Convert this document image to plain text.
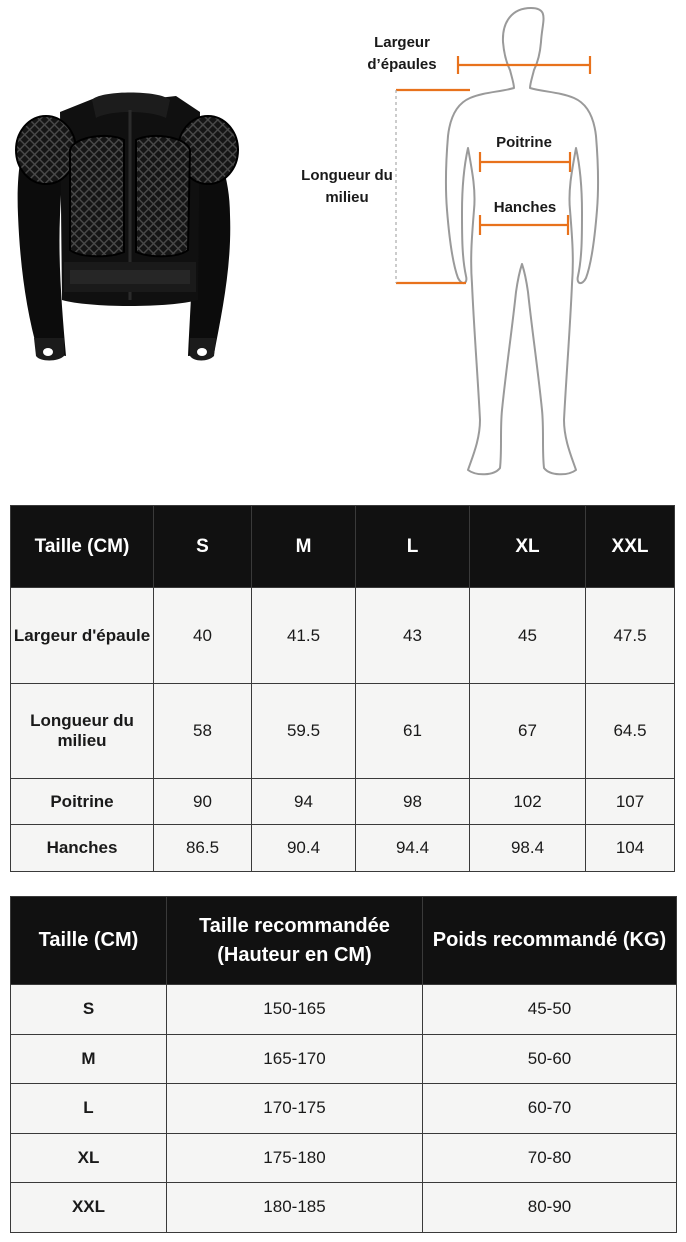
Largeur d’épaules
Poitrine
Longueur du milieu
Hanches
Taille (CM)	S	M	L	XL	XXL
Largeur d'épaule	40	41.5	43	45	47.5
Longueur du milieu	58	59.5	61	67	64.5
Poitrine	90	94	98	102	107
Hanches	86.5	90.4	94.4	98.4	104
Taille (CM)	Taille recommandée (Hauteur en CM)	Poids recommandé (KG)
S	150-165	45-50
M	165-170	50-60
L	170-175	60-70
XL	175-180	70-80
XXL	180-185	80-90
